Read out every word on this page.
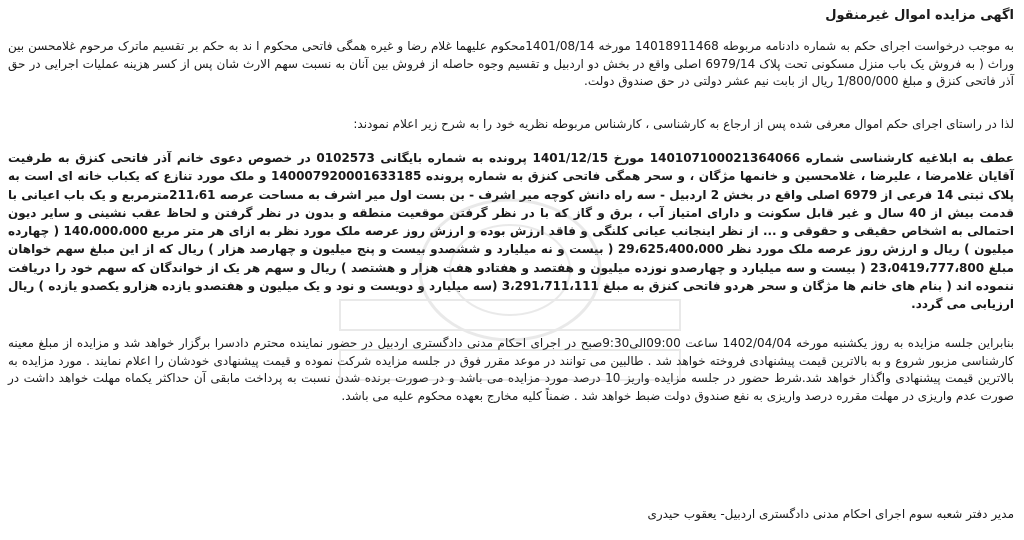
اگهی مزایده اموال غیرمنقول
به موجب درخواست اجرای حکم به شماره دادنامه مربوطه 14018911468 مورخه 1401/08/14محکوم علیهما غلام رضا و غیره همگی فاتحی محکوم ا ند به حکم بر تقسیم ماترک مرحوم غلامحسن بین وراث ( به فروش یک باب منزل مسکونی تحت پلاک 6979/14 اصلی واقع در بخش دو اردبیل و تقسیم وجوه حاصله از فروش بین آنان به نسبت سهم الارث شان پس از کسر هزینه عملیات اجرایی در حق آذر فاتحی کنزق و مبلغ 1/800/000 ریال از بابت نیم عشر دولتی در حق صندوق دولت.
لذا در راستای اجرای حکم اموال معرفی شده پس از ارجاع به کارشناسی ، کارشناس مربوطه نظریه خود را به شرح زیر اعلام نمودند:
عطف به ابلاغیه کارشناسی شماره 140107100021364066 مورخ 1401/12/15 پرونده به شماره بایگانی 0102573 در خصوص دعوی خانم آذر فاتحی کنزق به طرفیت آقایان غلامرضا ، علیرضا ، غلامحسین و خانمها مژگان ، و سحر همگی فاتحی کنزق به شماره پرونده 140007920001633185 و ملک مورد تنازع که یکباب خانه ای است به پلاک ثبتی 14 فرعی از 6979 اصلی واقع در بخش 2 اردبیل - سه راه دانش کوچه میر اشرف - بن بست اول میر اشرف به مساحت عرصه 211،61مترمربع و یک باب اعیانی با قدمت بیش از 40 سال و غیر قابل سکونت و دارای امتیاز آب ، برق و گاز که با در نظر گرفتن موقعیت منطقه و بدون در نظر گرفتن و لحاظ عقب نشینی و سایر دیون احتمالی به اشخاص حقیقی و حقوقی و ... از نظر اینجانب عیانی کلنگی و فاقد ارزش بوده و ارزش روز عرصه ملک مورد نظر به ازای هر متر مربع 140،000،000 ( چهارده میلیون ) ریال و ارزش روز عرصه ملک مورد نظر 29،625،400،000 ( بیست و نه میلیارد و ششصدو بیست و پنج میلیون و چهارصد هزار ) ریال که از این مبلغ سهم خواهان مبلغ 23،0419،777،800 ( بیست و سه میلیارد و چهارصدو نوزده میلیون و هفتصد و هفتادو هفت هزار و هشتصد ) ریال و سهم هر یک از خواندگان که سهم خود را دریافت ننموده اند ( بنام های خانم ها مژگان و سحر هردو فاتحی کنزق به مبلغ 3،291،711،111 (سه میلیارد و دویست و نود و یک میلیون و هفتصدو یازده هزارو یکصدو یازده ) ریال ارزیابی می گردد.
بنابراین جلسه مزایده به روز یکشنبه مورخه 1402/04/04 ساعت 09:00الی9:30صبح در اجرای احکام مدنی دادگستری اردبیل در حضور نماینده محترم دادسرا برگزار خواهد شد و مزایده از مبلغ معینه کارشناسی مزبور شروع و به بالاترین قیمت پیشنهادی فروخته خواهد شد . طالبین می توانند در موعد مقرر فوق در جلسه مزایده شرکت نموده و قیمت پیشنهادی خودشان را اعلام نمایند . مورد مزایده به بالاترین قیمت پیشنهادی واگذار خواهد شد.شرط حضور در جلسه مزایده واریز 10 درصد مورد مزایده می باشد و در صورت برنده شدن نسبت به پرداخت مابقی آن حداکثر یکماه مهلت خواهد داشت در صورت عدم واریزی در مهلت مقرره درصد واریزی به نفع صندوق دولت ضبط خواهد شد . ضمناً کلیه مخارج بعهده محکوم علیه می باشد.
مدیر دفتر شعبه سوم اجرای احکام مدنی دادگستری اردبیل- یعقوب حیدری
